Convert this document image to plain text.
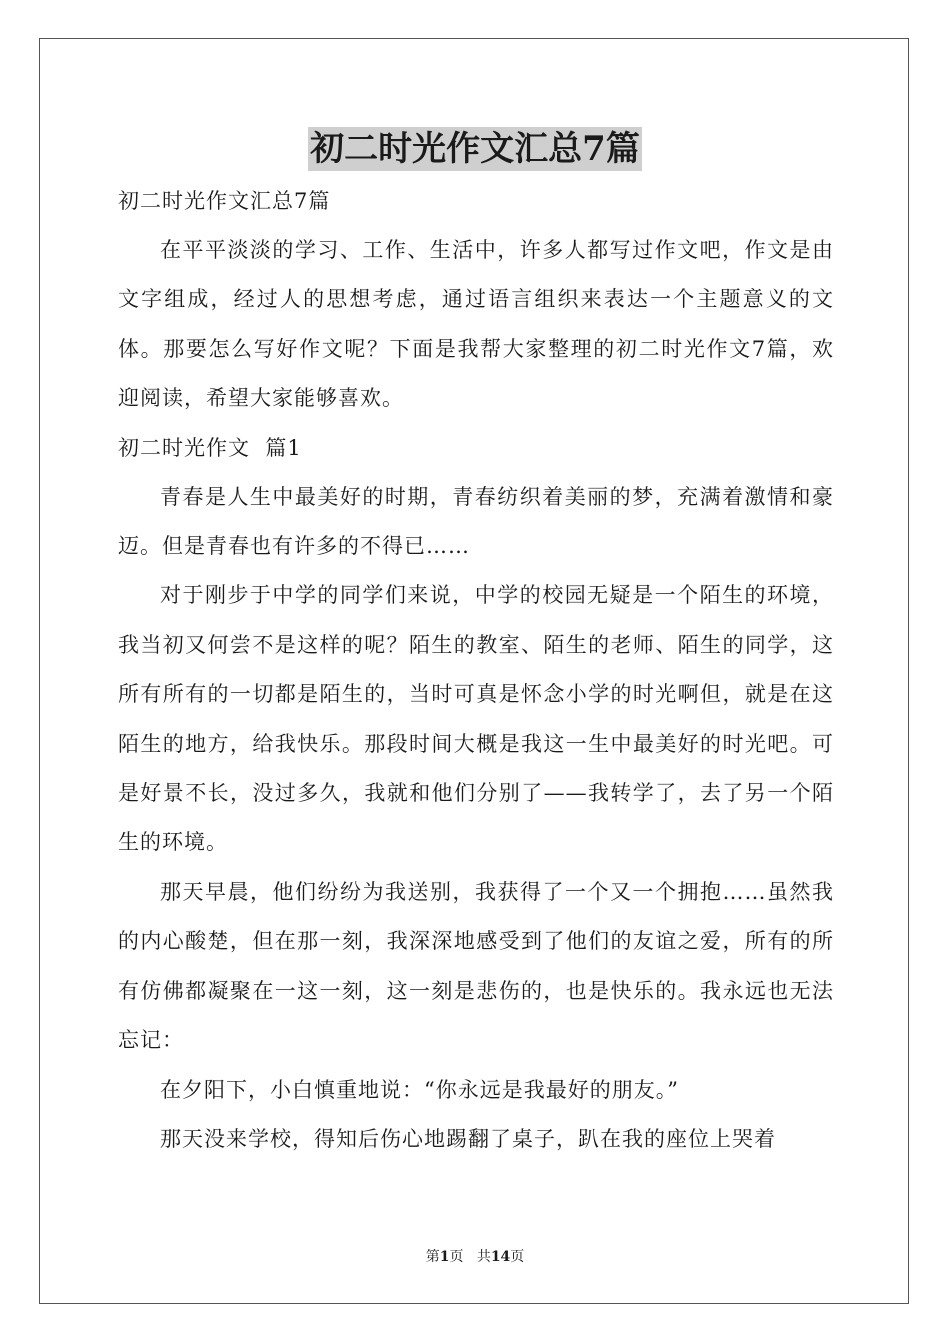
初二时光作文汇总7篇

初二时光作文汇总7篇

在平平淡淡的学习、工作、生活中，许多人都写过作文吧，作文是由文字组成，经过人的思想考虑，通过语言组织来表达一个主题意义的文体。那要怎么写好作文呢？下面是我帮大家整理的初二时光作文7篇，欢迎阅读，希望大家能够喜欢。

初二时光作文  篇1

青春是人生中最美好的时期，青春纺织着美丽的梦，充满着激情和豪迈。但是青春也有许多的不得已……

对于刚步于中学的同学们来说，中学的校园无疑是一个陌生的环境，我当初又何尝不是这样的呢？陌生的教室、陌生的老师、陌生的同学，这所有所有的一切都是陌生的，当时可真是怀念小学的时光啊但，就是在这陌生的地方，给我快乐。那段时间大概是我这一生中最美好的时光吧。可是好景不长，没过多久，我就和他们分别了——我转学了，去了另一个陌生的环境。

那天早晨，他们纷纷为我送别，我获得了一个又一个拥抱……虽然我的内心酸楚，但在那一刻，我深深地感受到了他们的友谊之爱，所有的所有仿佛都凝聚在一这一刻，这一刻是悲伤的，也是快乐的。我永远也无法忘记：

在夕阳下，小白慎重地说：“你永远是我最好的朋友。”

那天没来学校，得知后伤心地踢翻了桌子，趴在我的座位上哭着

第1页 共14页
